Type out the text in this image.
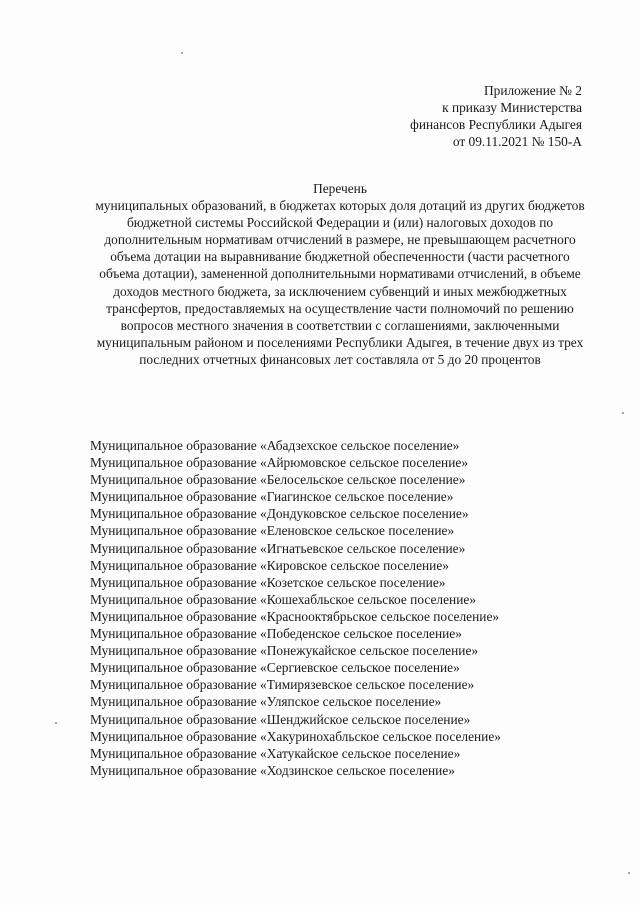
Приложение № 2
к приказу Министерства
финансов Республики Адыгея
от 09.11.2021 № 150-А
Перечень
муниципальных образований, в бюджетах которых доля дотаций из других бюджетов бюджетной системы Российской Федерации и (или) налоговых доходов по дополнительным нормативам отчислений в размере, не превышающем расчетного объема дотации на выравнивание бюджетной обеспеченности (части расчетного объема дотации), замененной дополнительными нормативами отчислений, в объеме доходов местного бюджета, за исключением субвенций и иных межбюджетных трансфертов, предоставляемых на осуществление части полномочий по решению вопросов местного значения в соответствии с соглашениями, заключенными муниципальным районом и поселениями Республики Адыгея, в течение двух из трех последних отчетных финансовых лет составляла от 5 до 20 процентов
Муниципальное образование «Абадзехское сельское поселение»
Муниципальное образование «Айрюмовское сельское поселение»
Муниципальное образование «Белосельское сельское поселение»
Муниципальное образование «Гиагинское сельское поселение»
Муниципальное образование «Дондуковское сельское поселение»
Муниципальное образование «Еленовское сельское поселение»
Муниципальное образование «Игнатьевское сельское поселение»
Муниципальное образование «Кировское сельское поселение»
Муниципальное образование «Козетское сельское поселение»
Муниципальное образование «Кошехабльское сельское поселение»
Муниципальное образование «Краснооктябрьское сельское поселение»
Муниципальное образование «Победенское сельское поселение»
Муниципальное образование «Понежукайское сельское поселение»
Муниципальное образование «Сергиевское сельское поселение»
Муниципальное образование «Тимирязевское сельское поселение»
Муниципальное образование «Уляпское сельское поселение»
Муниципальное образование «Шенджийское сельское поселение»
Муниципальное образование «Хакуринохабльское сельское поселение»
Муниципальное образование «Хатукайское сельское поселение»
Муниципальное образование «Ходзинское сельское поселение»
